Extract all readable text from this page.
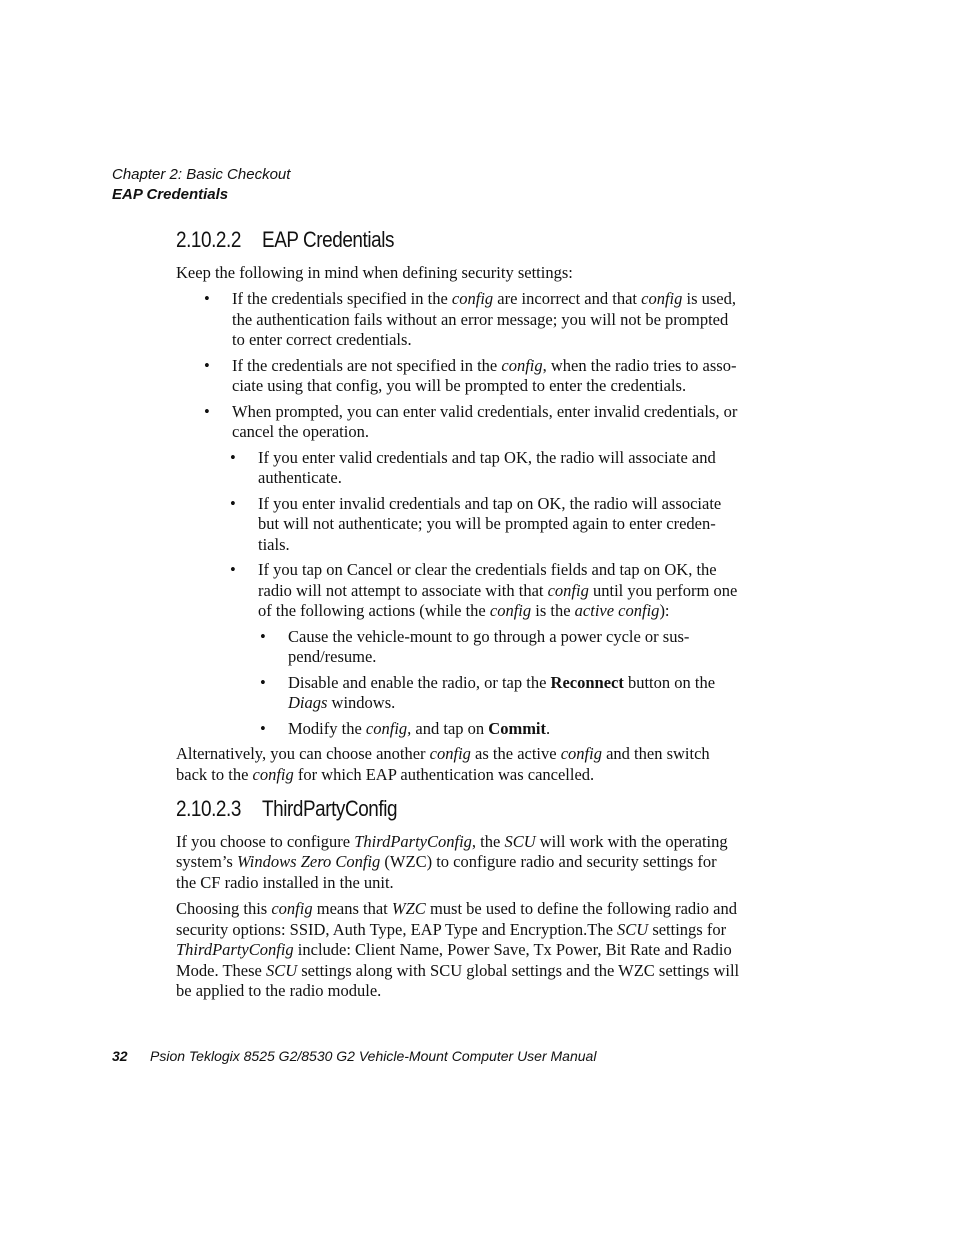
Chapter 2: Basic Checkout
EAP Credentials
2.10.2.2 EAP Credentials

Keep the following in mind when defining security settings:

• If the credentials specified in the config are incorrect and that config is used, the authentication fails without an error message; you will not be prompted to enter correct credentials.
• If the credentials are not specified in the config, when the radio tries to asso-ciate using that config, you will be prompted to enter the credentials.
• When prompted, you can enter valid credentials, enter invalid credentials, or cancel the operation.
• If you enter valid credentials and tap OK, the radio will associate and authenticate.
• If you enter invalid credentials and tap on OK, the radio will associate but will not authenticate; you will be prompted again to enter creden-tials.
• If you tap on Cancel or clear the credentials fields and tap on OK, the radio will not attempt to associate with that config until you perform one of the following actions (while the config is the active config):
• Cause the vehicle-mount to go through a power cycle or sus-pend/resume.
• Disable and enable the radio, or tap the Reconnect button on the Diags windows.
• Modify the config, and tap on Commit.

Alternatively, you can choose another config as the active config and then switch back to the config for which EAP authentication was cancelled.

2.10.2.3 ThirdPartyConfig

If you choose to configure ThirdPartyConfig, the SCU will work with the operating system’s Windows Zero Config (WZC) to configure radio and security settings for the CF radio installed in the unit.

Choosing this config means that WZC must be used to define the following radio and security options: SSID, Auth Type, EAP Type and Encryption.The SCU settings for ThirdPartyConfig include: Client Name, Power Save, Tx Power, Bit Rate and Radio Mode. These SCU settings along with SCU global settings and the WZC settings will be applied to the radio module.

32 Psion Teklogix 8525 G2/8530 G2 Vehicle-Mount Computer User Manual
